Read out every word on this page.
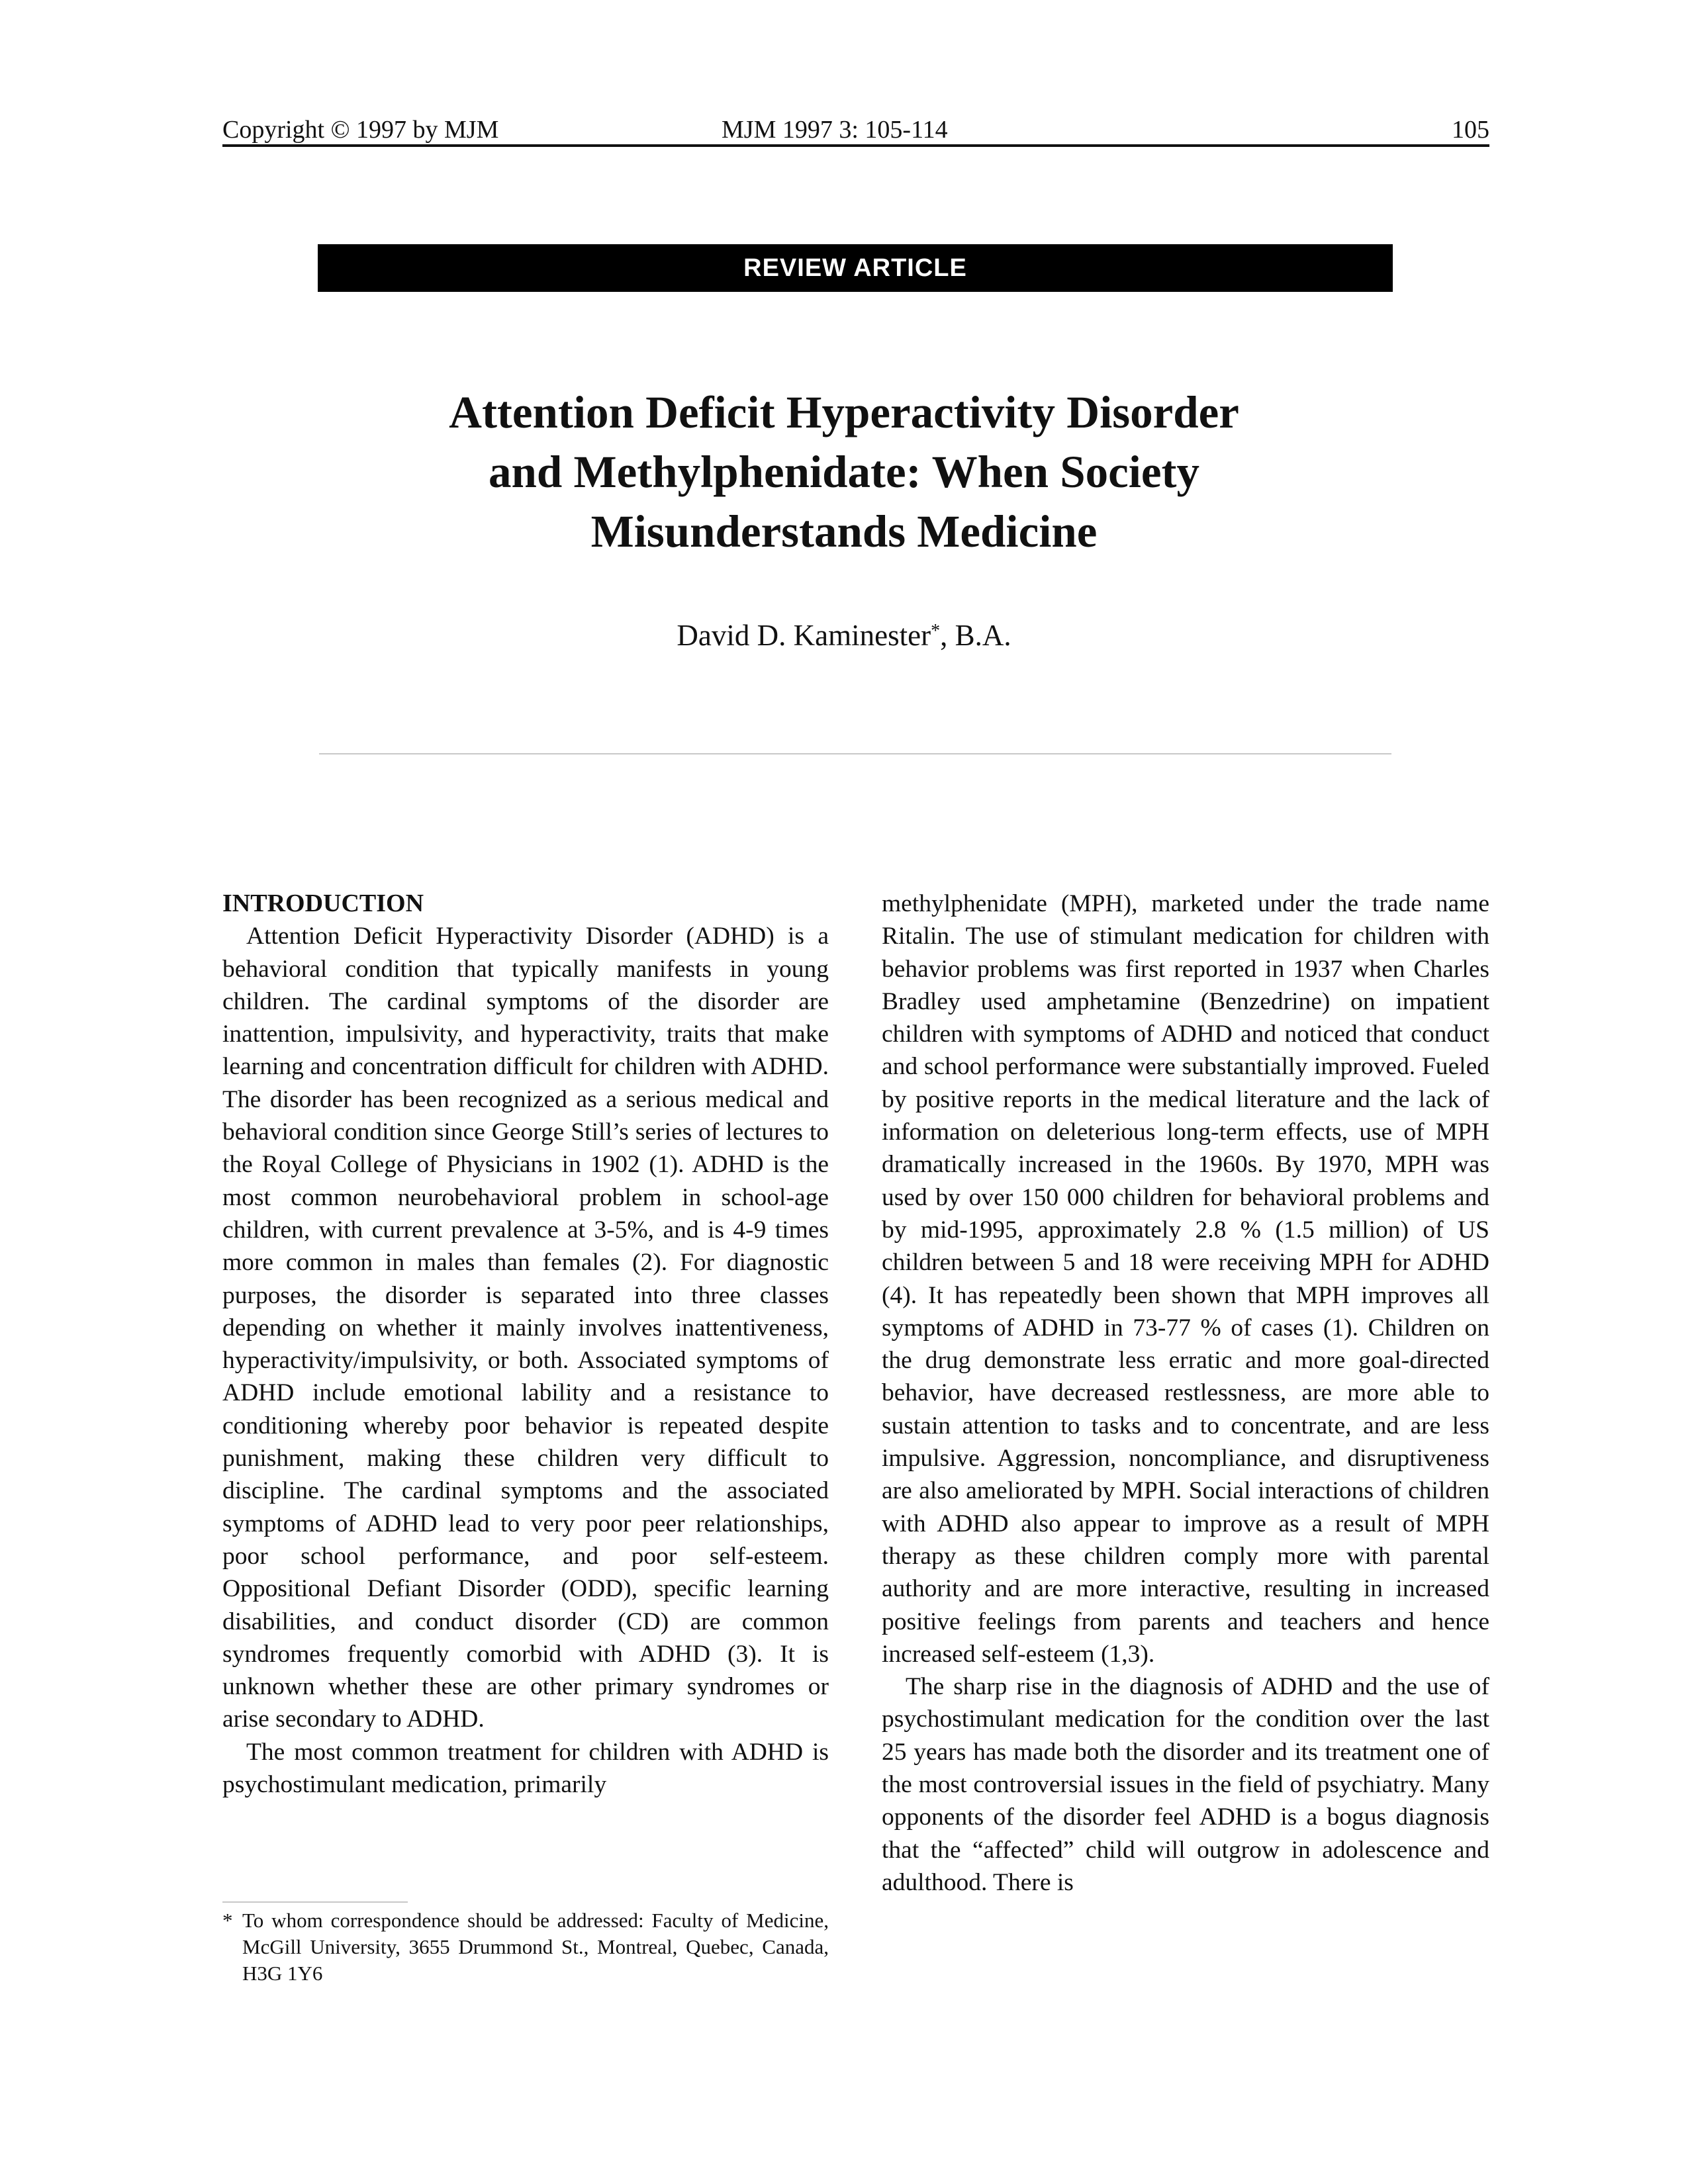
Copyright © 1997 by MJM	MJM 1997 3: 105-114	105
REVIEW ARTICLE
Attention Deficit Hyperactivity Disorder
and Methylphenidate: When Society
Misunderstands Medicine
David D. Kaminester*, B.A.
INTRODUCTION

Attention Deficit Hyperactivity Disorder (ADHD) is a behavioral condition that typically manifests in young children. The cardinal symptoms of the disorder are inattention, impulsivity, and hyperactivity, traits that make learning and concentration difficult for children with ADHD. The disorder has been recognized as a serious medical and behavioral condition since George Still’s series of lectures to the Royal College of Physicians in 1902 (1). ADHD is the most common neurobehavioral problem in school-age children, with current prevalence at 3-5%, and is 4-9 times more common in males than females (2). For diagnostic purposes, the disorder is separated into three classes depending on whether it mainly involves inattentiveness, hyperactivity/impulsivity, or both. Associated symptoms of ADHD include emotional lability and a resistance to conditioning whereby poor behavior is repeated despite punishment, making these children very difficult to discipline. The cardinal symptoms and the associated symptoms of ADHD lead to very poor peer relationships, poor school performance, and poor self-esteem. Oppositional Defiant Disorder (ODD), specific learning disabilities, and conduct disorder (CD) are common syndromes frequently comorbid with ADHD (3). It is unknown whether these are other primary syndromes or arise secondary to ADHD.

The most common treatment for children with ADHD is psychostimulant medication, primarily

methylphenidate (MPH), marketed under the trade name Ritalin. The use of stimulant medication for children with behavior problems was first reported in 1937 when Charles Bradley used amphetamine (Benzedrine) on impatient children with symptoms of ADHD and noticed that conduct and school performance were substantially improved. Fueled by positive reports in the medical literature and the lack of information on deleterious long-term effects, use of MPH dramatically increased in the 1960s. By 1970, MPH was used by over 150 000 children for behavioral problems and by mid-1995, approximately 2.8 % (1.5 million) of US children between 5 and 18 were receiving MPH for ADHD (4). It has repeatedly been shown that MPH improves all symptoms of ADHD in 73-77 % of cases (1). Children on the drug demonstrate less erratic and more goal-directed behavior, have decreased restlessness, are more able to sustain attention to tasks and to concentrate, and are less impulsive. Aggression, noncompliance, and disruptiveness are also ameliorated by MPH. Social interactions of children with ADHD also appear to improve as a result of MPH therapy as these children comply more with parental authority and are more interactive, resulting in increased positive feelings from parents and teachers and hence increased self-esteem (1,3).

The sharp rise in the diagnosis of ADHD and the use of psychostimulant medication for the condition over the last 25 years has made both the disorder and its treatment one of the most controversial issues in the field of psychiatry. Many opponents of the disorder feel ADHD is a bogus diagnosis that the “affected” child will outgrow in adolescence and adulthood. There is

* To whom correspondence should be addressed: Faculty of Medicine, McGill University, 3655 Drummond St., Montreal, Quebec, Canada, H3G 1Y6
